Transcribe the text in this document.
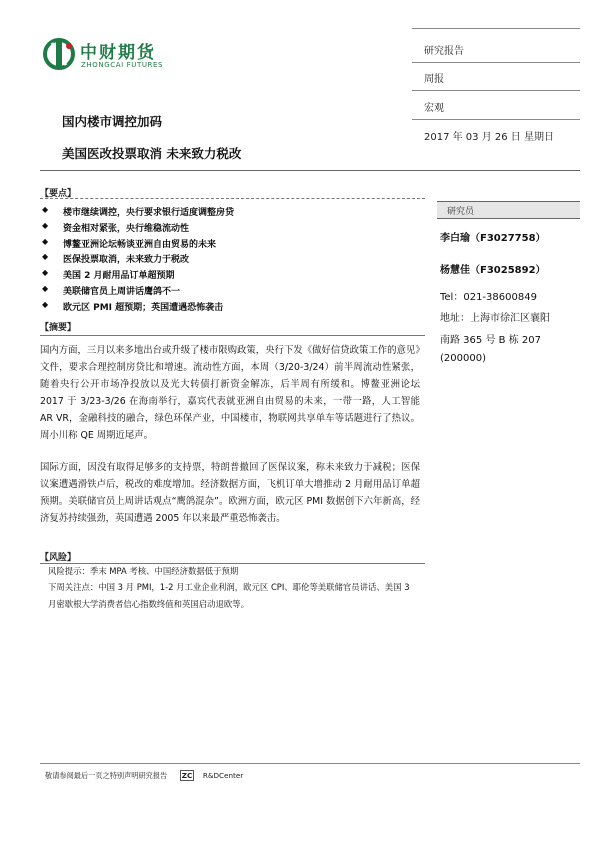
中财期货
ZHONGCAI FUTURES
研究报告
周报
宏观
2017 年 03 月 26 日 星期日
国内楼市调控加码
美国医改投票取消 未来致力税改
【要点】
◆ 楼市继续调控，央行要求银行适度调整房贷
◆ 资金相对紧张，央行维稳流动性
◆ 博鳌亚洲论坛畅谈亚洲自由贸易的未来
◆ 医保投票取消，未来致力于税改
◆ 美国 2 月耐用品订单超预期
◆ 美联储官员上周讲话鹰鸽不一
◆ 欧元区 PMI 超预期；英国遭遇恐怖袭击
【摘要】
国内方面，三月以来多地出台或升级了楼市限购政策，央行下发《做好信贷政策工作的意见》文件，要求合理控制房贷比和增速。流动性方面，本周（3/20-3/24）前半周流动性紧张，随着央行公开市场净投放以及光大转债打新资金解冻，后半周有所缓和。博鳌亚洲论坛 2017 于 3/23-3/26 在海南举行，嘉宾代表就亚洲自由贸易的未来，一带一路，人工智能 AR VR，金融科技的融合，绿色环保产业，中国楼市，物联网共享单车等话题进行了热议。周小川称 QE 周期近尾声。
国际方面，因没有取得足够多的支持票，特朗普撤回了医保议案，称未来致力于减税；医保议案遭遇滑铁卢后，税改的难度增加。经济数据方面，飞机订单大增推动 2 月耐用品订单超预期。美联储官员上周讲话观点“鹰鸽混杂”。欧洲方面，欧元区 PMI 数据创下六年新高，经济复苏持续强劲，英国遭遇 2005 年以来最严重恐怖袭击。
【风险】
风险提示：季末 MPA 考核、中国经济数据低于预期
下周关注点：中国 3 月 PMI，1-2 月工业企业利润，欧元区 CPI、耶伦等美联储官员讲话、美国 3 月密歇根大学消费者信心指数终值和英国启动退欧等。
研究员
李白瑜（F3027758）
杨慧佳（F3025892）
Tel：021-38600849
地址：上海市徐汇区襄阳
南路 365 号 B 栋 207
(200000)
敬请参阅最后一页之特别声明研究报告 ZC R&DCenter
